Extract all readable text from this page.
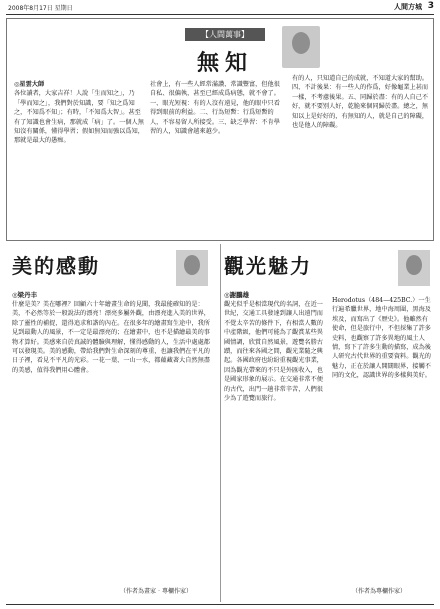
2008年8月17日 星期日	人間方城 3
【人間萬事】
無知

◎星雲大師

各位讀者，大家吉祥！人說「生而知之」，乃「學而知之」，我們對於知識，要「知之爲知之，不知爲不知」；有時，「不知爲大智」。甚至有了知識也會生病，那就成「病」了。一個人無知沒有關係，懂得學習；假如無知而強以爲知，那就是最大的愚痴。

社會上，有一些人經常滿讚、常識豐富，但他很自私、很偏執，甚至已經成爲病態，就不會了。一、眼光短視：有的人沒有遠見，他的眼中只看得到眼前的利益。二、行為短暫：行爲短暫的人，不容易留人所接受。三、缺乏學習：不肯學習的人，知識會越來越少。

有的人，只知道自己的成就，不知道大家的幫助。四、不計後果：有一些人的作爲，好像龜業上甚而一樣，不考慮後果。五、同歸於盡：有的人自己不好，就不要別人好，乾脆來個同歸於盡。總之，無知以上是好好的，有無知的人，就是自己的障礙，也是他人的障礙。

美的感動
◎梁丹丰

什麼是美？美在哪裡？回顧六十年繪畫生命的見聞，我最能確知的是：美，不必然等於一般說法的漂亮！漂亮多屬外觀，由漂亮進入美的世界，除了靈性的補捉，還得追求和諧的內在。在很多年的繪畫寫生途中，我所見到最動人的風景，不一定是最漂亮的；在繪畫中，也不是描繪最美的事物才算好。美感來自於真誠的體驗與理解，懂得感動的人，生活中處處都可以發現美。美的感動，帶給我們對生命深刻的尊重，也讓我們在平凡的日子裡，看見不平凡的光彩。一花一葉、一山一水，都蘊藏著大自然無盡的美感，值得我們用心體會。

（作者為畫家‧專欄作家）
觀光魅力
◎謝鵬雄

觀光似乎是相當現代的名詞，在近一世紀，交通工具發達到讓人出遠門而不覺太辛苦的條件下，有相當人數的中產階級，他們可能為了觀賞某些異國情調，欣賞自然風景，遊覽名勝古蹟，而往來各國之間，觀光業隨之興起。各國政府也紛紛重視觀光事業，因為觀光帶來的不只是外匯收入，也是國家形象的展示。在交通非常不便的古代，出門一趟非常辛苦，人們很少為了遊覽而旅行。

Herodotus（484—425BC.）一生行遍希臘世界，地中海周圍，黑海及埃及，而寫出了《歷史》。他雖然有使命，但是旅行中，不但採集了許多史料，也觀察了許多異地的風土人情，寫下了許多生動的描寫，成為後人研究古代世界的重要資料。觀光的魅力，正在於讓人開闊眼界，接觸不同的文化，認識世界的多樣與美好。

（作者為專欄作家）
